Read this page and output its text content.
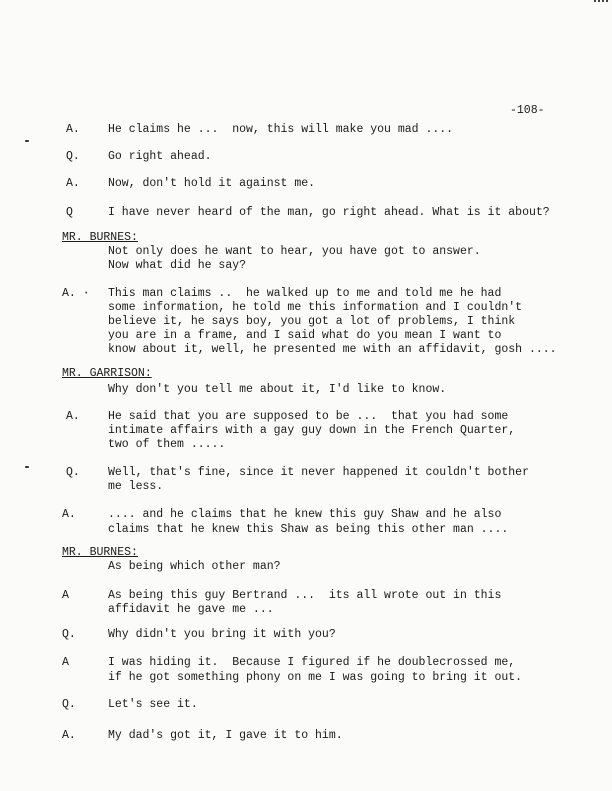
-108-
A. He claims he ...  now, this will make you mad ....
Q. Go right ahead.
A. Now, don't hold it against me.
Q	I have never heard of the man, go right ahead. What is it about?
MR. BURNES:
Not only does he want to hear, you have got to answer.
Now what did he say?
A. · This man claims ..  he walked up to me and told me he had
some information, he told me this information and I couldn't
believe it, he says boy, you got a lot of problems, I think
you are in a frame, and I said what do you mean I want to
know about it, well, he presented me with an affidavit, gosh ....
MR. GARRISON:
Why don't you tell me about it, I'd like to know.
A. He said that you are supposed to be ...  that you had some
intimate affairs with a gay guy down in the French Quarter,
two of them .....
Q. Well, that's fine, since it never happened it couldn't bother
me less.
A.	.... and he claims that he knew this guy Shaw and he also
claims that he knew this Shaw as being this other man ....
MR. BURNES:
As being which other man?
A	As being this guy Bertrand ...  its all wrote out in this
affidavit he gave me ...
Q.	Why didn't you bring it with you?
A	I was hiding it.  Because I figured if he doublecrossed me,
if he got something phony on me I was going to bring it out.
Q.	Let's see it.
A.	My dad's got it, I gave it to him.
